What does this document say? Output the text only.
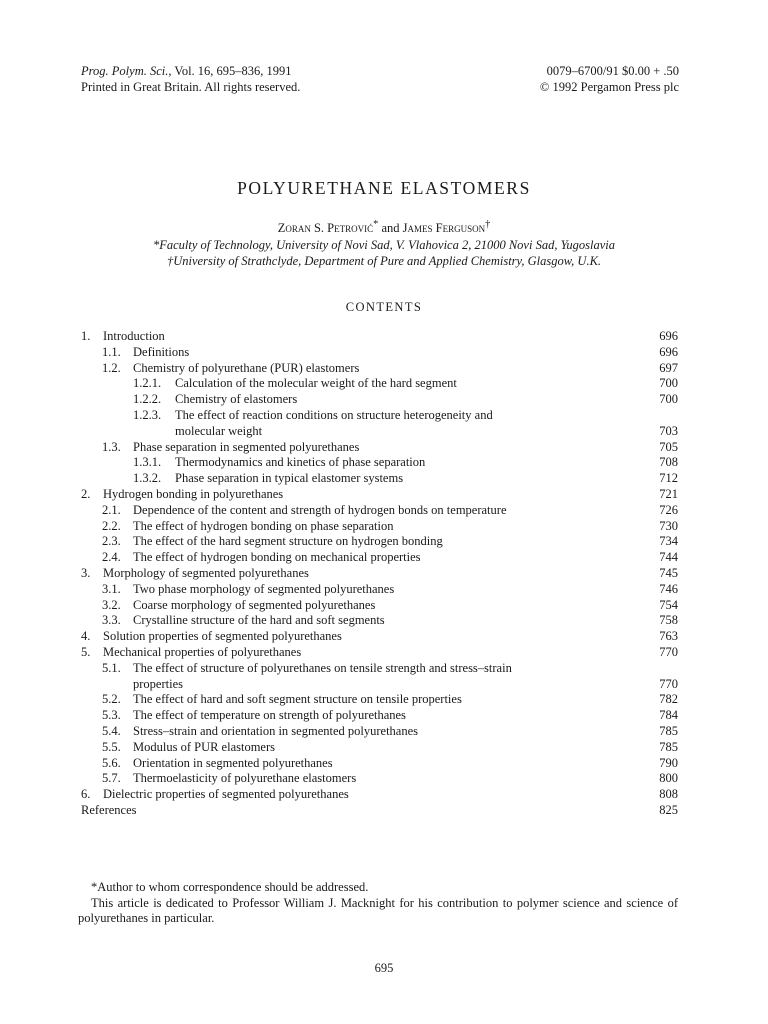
Prog. Polym. Sci., Vol. 16, 695–836, 1991
Printed in Great Britain. All rights reserved.
0079–6700/91 $0.00 + .50
© 1992 Pergamon Press plc
POLYURETHANE ELASTOMERS
Zoran S. Petrović* and James Ferguson†
*Faculty of Technology, University of Novi Sad, V. Vlahovica 2, 21000 Novi Sad, Yugoslavia
†University of Strathclyde, Department of Pure and Applied Chemistry, Glasgow, U.K.
CONTENTS
1. Introduction	696
1.1. Definitions	696
1.2. Chemistry of polyurethane (PUR) elastomers	697
1.2.1. Calculation of the molecular weight of the hard segment	700
1.2.2. Chemistry of elastomers	700
1.2.3. The effect of reaction conditions on structure heterogeneity and
molecular weight	703
1.3. Phase separation in segmented polyurethanes	705
1.3.1. Thermodynamics and kinetics of phase separation	708
1.3.2. Phase separation in typical elastomer systems	712
2. Hydrogen bonding in polyurethanes	721
2.1. Dependence of the content and strength of hydrogen bonds on temperature	726
2.2. The effect of hydrogen bonding on phase separation	730
2.3. The effect of the hard segment structure on hydrogen bonding	734
2.4. The effect of hydrogen bonding on mechanical properties	744
3. Morphology of segmented polyurethanes	745
3.1. Two phase morphology of segmented polyurethanes	746
3.2. Coarse morphology of segmented polyurethanes	754
3.3. Crystalline structure of the hard and soft segments	758
4. Solution properties of segmented polyurethanes	763
5. Mechanical properties of polyurethanes	770
5.1. The effect of structure of polyurethanes on tensile strength and stress–strain
properties	770
5.2. The effect of hard and soft segment structure on tensile properties	782
5.3. The effect of temperature on strength of polyurethanes	784
5.4. Stress–strain and orientation in segmented polyurethanes	785
5.5. Modulus of PUR elastomers	785
5.6. Orientation in segmented polyurethanes	790
5.7. Thermoelasticity of polyurethane elastomers	800
6. Dielectric properties of segmented polyurethanes	808
References	825
*Author to whom correspondence should be addressed.
This article is dedicated to Professor William J. Macknight for his contribution to polymer science and science of polyurethanes in particular.
695
